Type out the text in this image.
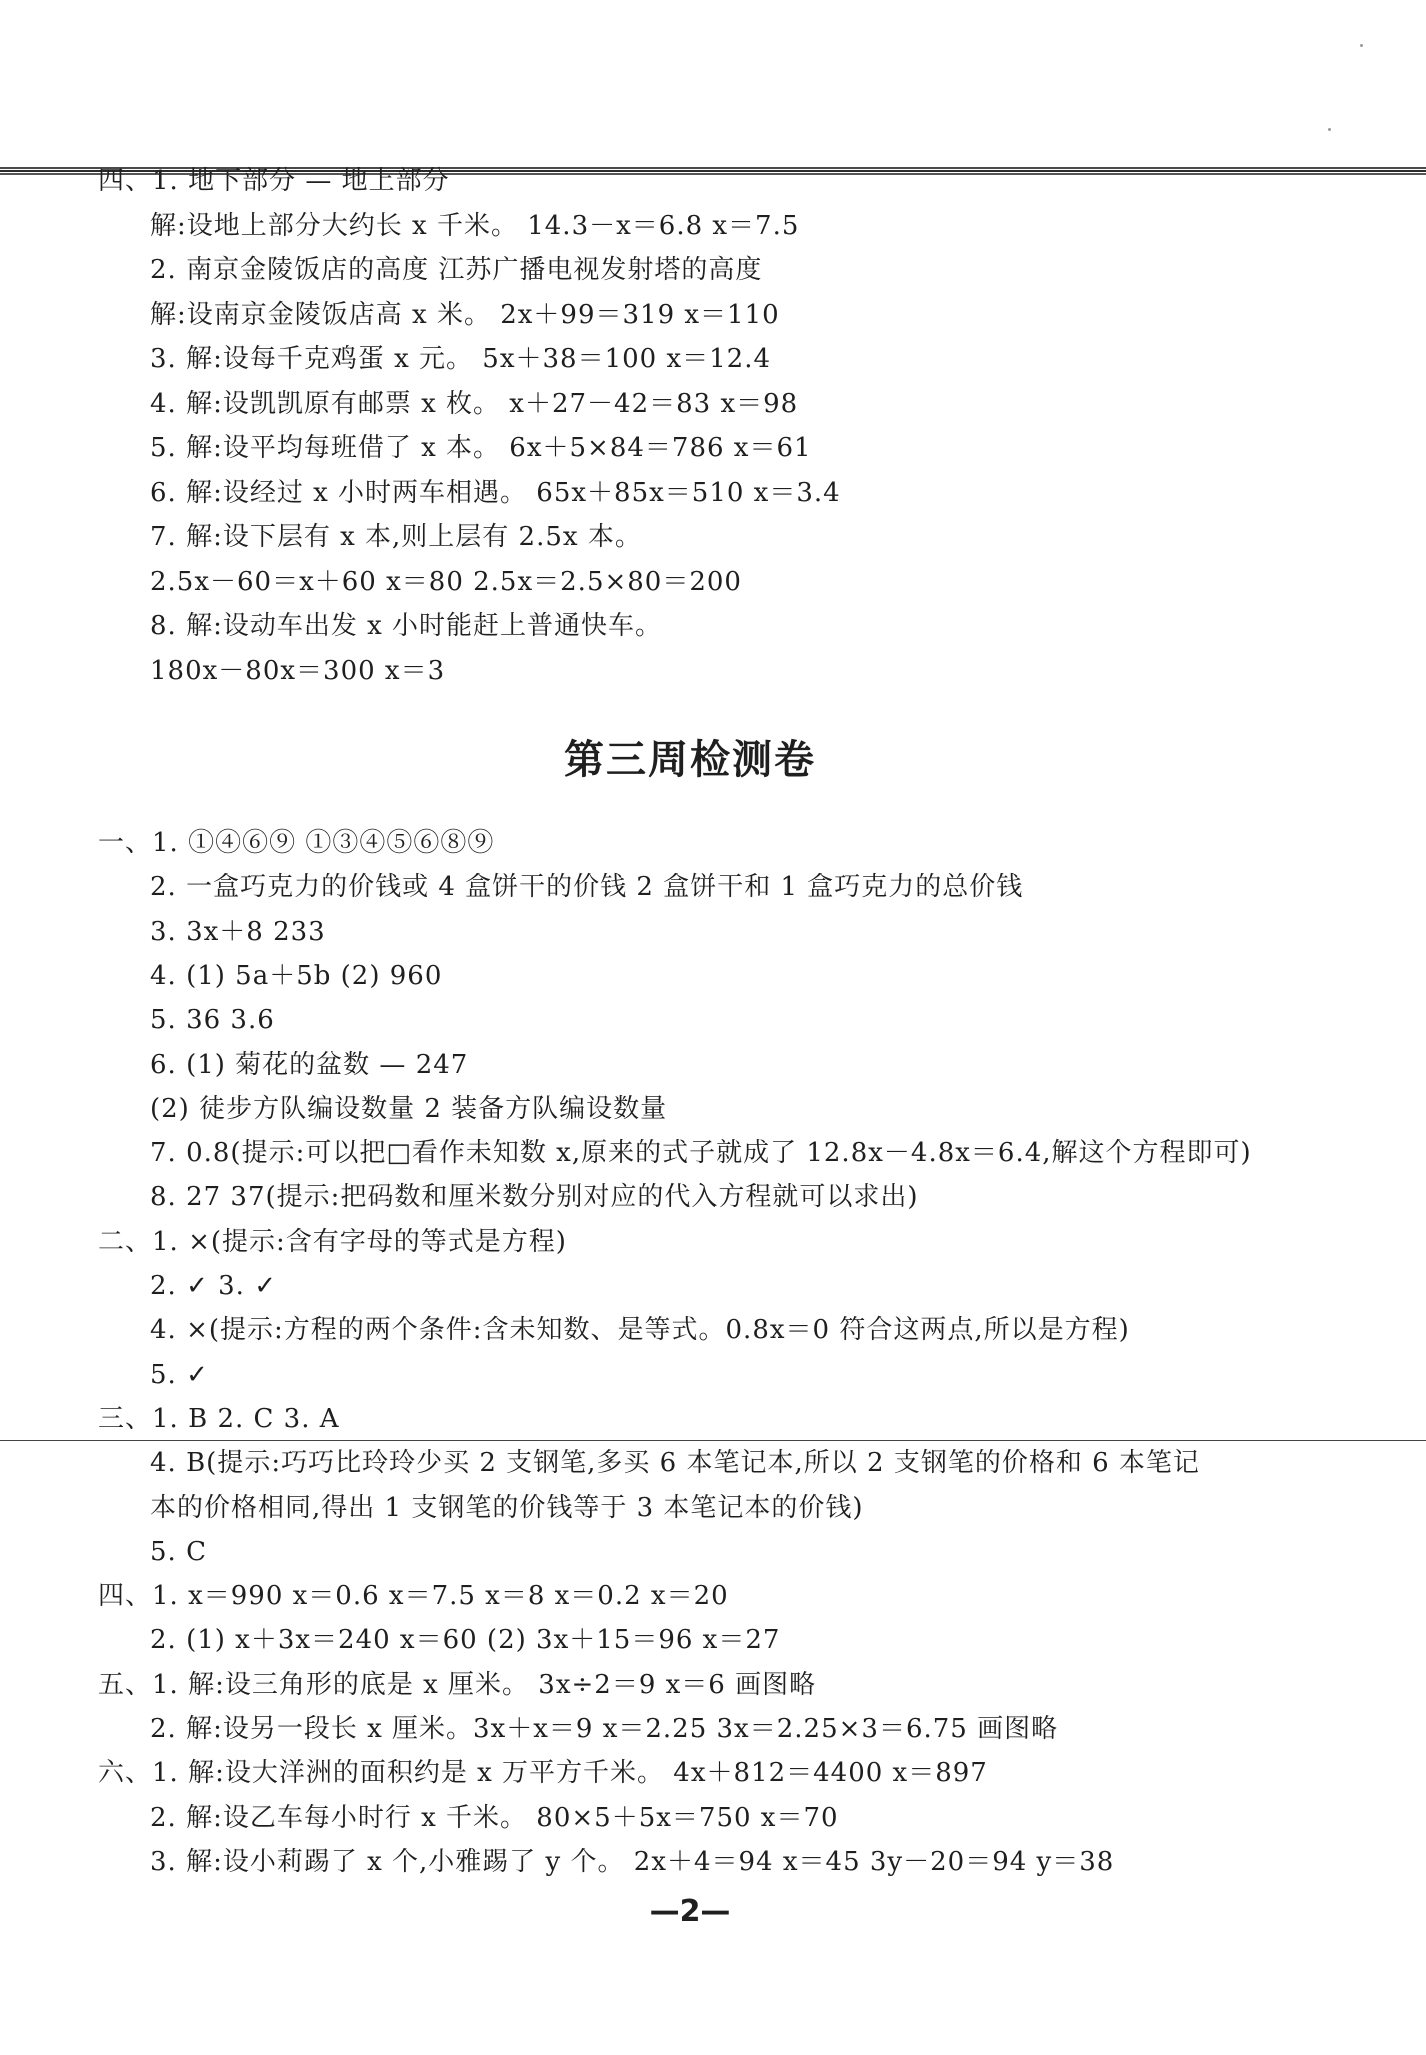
四、1. 地下部分 — 地上部分
解:设地上部分大约长 x 千米。 14.3－x＝6.8 x＝7.5
2. 南京金陵饭店的高度 江苏广播电视发射塔的高度
解:设南京金陵饭店高 x 米。 2x＋99＝319 x＝110
3. 解:设每千克鸡蛋 x 元。 5x＋38＝100 x＝12.4
4. 解:设凯凯原有邮票 x 枚。 x＋27－42＝83 x＝98
5. 解:设平均每班借了 x 本。 6x＋5×84＝786 x＝61
6. 解:设经过 x 小时两车相遇。 65x＋85x＝510 x＝3.4
7. 解:设下层有 x 本,则上层有 2.5x 本。
2.5x－60＝x＋60 x＝80 2.5x＝2.5×80＝200
8. 解:设动车出发 x 小时能赶上普通快车。
180x－80x＝300 x＝3
第三周检测卷
一、1. ①④⑥⑨ ①③④⑤⑥⑧⑨
2. 一盒巧克力的价钱或 4 盒饼干的价钱 2 盒饼干和 1 盒巧克力的总价钱
3. 3x＋8 233
4. (1) 5a＋5b (2) 960
5. 36 3.6
6. (1) 菊花的盆数 — 247
(2) 徒步方队编设数量 2 装备方队编设数量
7. 0.8(提示:可以把□看作未知数 x,原来的式子就成了 12.8x－4.8x＝6.4,解这个方程即可)
8. 27 37(提示:把码数和厘米数分别对应的代入方程就可以求出)
二、1. ×(提示:含有字母的等式是方程)
2. ✓ 3. ✓
4. ×(提示:方程的两个条件:含未知数、是等式。0.8x＝0 符合这两点,所以是方程)
5. ✓
三、1. B 2. C 3. A
4. B(提示:巧巧比玲玲少买 2 支钢笔,多买 6 本笔记本,所以 2 支钢笔的价格和 6 本笔记
本的价格相同,得出 1 支钢笔的价钱等于 3 本笔记本的价钱)
5. C
四、1. x＝990 x＝0.6 x＝7.5 x＝8 x＝0.2 x＝20
2. (1) x＋3x＝240 x＝60 (2) 3x＋15＝96 x＝27
五、1. 解:设三角形的底是 x 厘米。 3x÷2＝9 x＝6 画图略
2. 解:设另一段长 x 厘米。3x＋x＝9 x＝2.25 3x＝2.25×3＝6.75 画图略
六、1. 解:设大洋洲的面积约是 x 万平方千米。 4x＋812＝4400 x＝897
2. 解:设乙车每小时行 x 千米。 80×5＋5x＝750 x＝70
3. 解:设小莉踢了 x 个,小雅踢了 y 个。 2x＋4＝94 x＝45 3y－20＝94 y＝38
—2—
